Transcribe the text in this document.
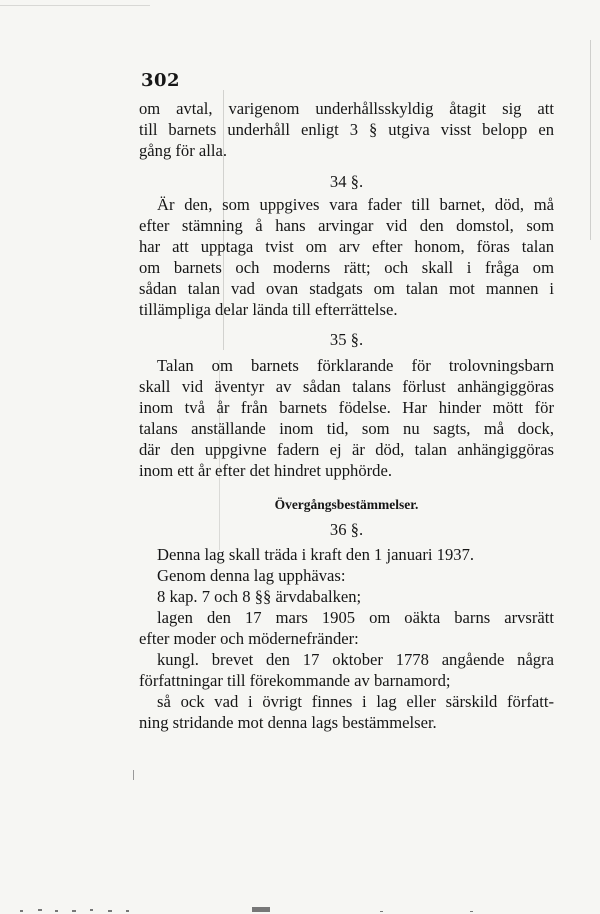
302
om avtal, varigenom underhållsskyldig åtagit sig att
till barnets underhåll enligt 3 § utgiva visst belopp en
gång för alla.
34 §.
Är den, som uppgives vara fader till barnet, död, må
efter stämning å hans arvingar vid den domstol, som
har att upptaga tvist om arv efter honom, föras talan
om barnets och moderns rätt; och skall i fråga om
sådan talan vad ovan stadgats om talan mot mannen i
tillämpliga delar lända till efterrättelse.
35 §.
Talan om barnets förklarande för trolovningsbarn
skall vid äventyr av sådan talans förlust anhängiggöras
inom två år från barnets födelse. Har hinder mött för
talans anställande inom tid, som nu sagts, må dock,
där den uppgivne fadern ej är död, talan anhängiggöras
inom ett år efter det hindret upphörde.
Övergångsbestämmelser.
36 §.
Denna lag skall träda i kraft den 1 januari 1937.
Genom denna lag upphävas:
8 kap. 7 och 8 §§ ärvdabalken;
lagen den 17 mars 1905 om oäkta barns arvsrätt
efter moder och mödernefränder:
kungl. brevet den 17 oktober 1778 angående några
författningar till förekommande av barnamord;
så ock vad i övrigt finnes i lag eller särskild författ-
ning stridande mot denna lags bestämmelser.
